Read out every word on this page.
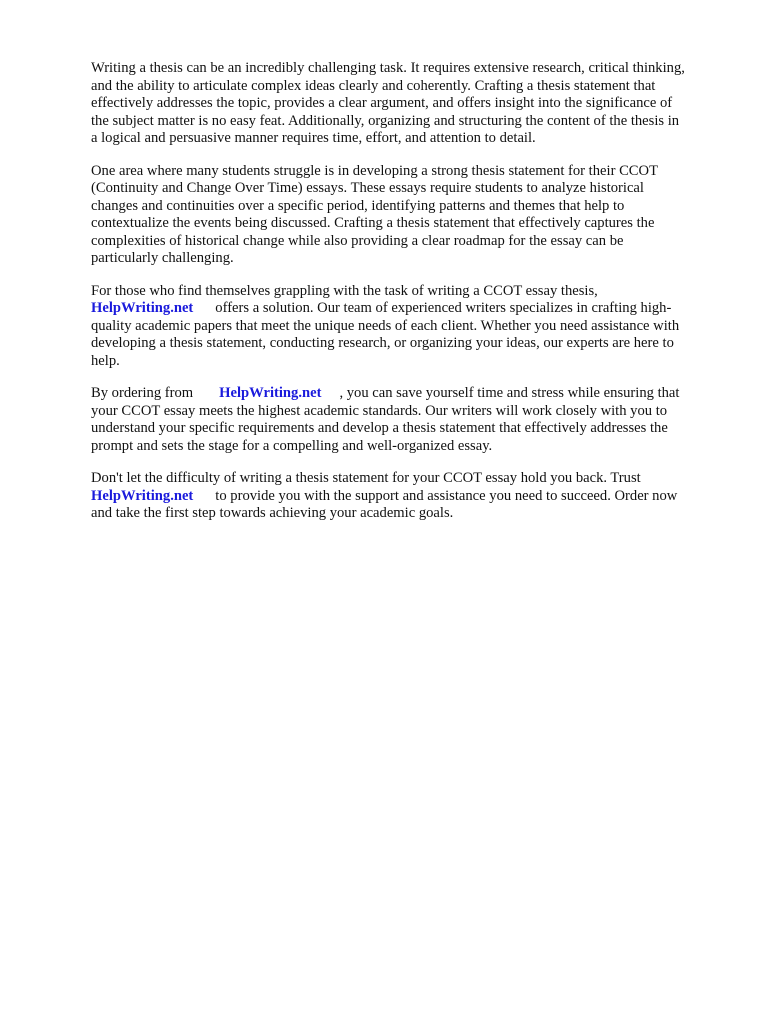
Writing a thesis can be an incredibly challenging task. It requires extensive research, critical thinking,
and the ability to articulate complex ideas clearly and coherently. Crafting a thesis statement that
effectively addresses the topic, provides a clear argument, and offers insight into the significance of
the subject matter is no easy feat. Additionally, organizing and structuring the content of the thesis in
a logical and persuasive manner requires time, effort, and attention to detail.

One area where many students struggle is in developing a strong thesis statement for their CCOT
(Continuity and Change Over Time) essays. These essays require students to analyze historical
changes and continuities over a specific period, identifying patterns and themes that help to
contextualize the events being discussed. Crafting a thesis statement that effectively captures the
complexities of historical change while also providing a clear roadmap for the essay can be
particularly challenging.

For those who find themselves grappling with the task of writing a CCOT essay thesis,
HelpWriting.net offers a solution. Our team of experienced writers specializes in crafting high-
quality academic papers that meet the unique needs of each client. Whether you need assistance with
developing a thesis statement, conducting research, or organizing your ideas, our experts are here to
help.

By ordering from HelpWriting.net , you can save yourself time and stress while ensuring that
your CCOT essay meets the highest academic standards. Our writers will work closely with you to
understand your specific requirements and develop a thesis statement that effectively addresses the
prompt and sets the stage for a compelling and well-organized essay.

Don't let the difficulty of writing a thesis statement for your CCOT essay hold you back. Trust
HelpWriting.net to provide you with the support and assistance you need to succeed. Order now
and take the first step towards achieving your academic goals.
